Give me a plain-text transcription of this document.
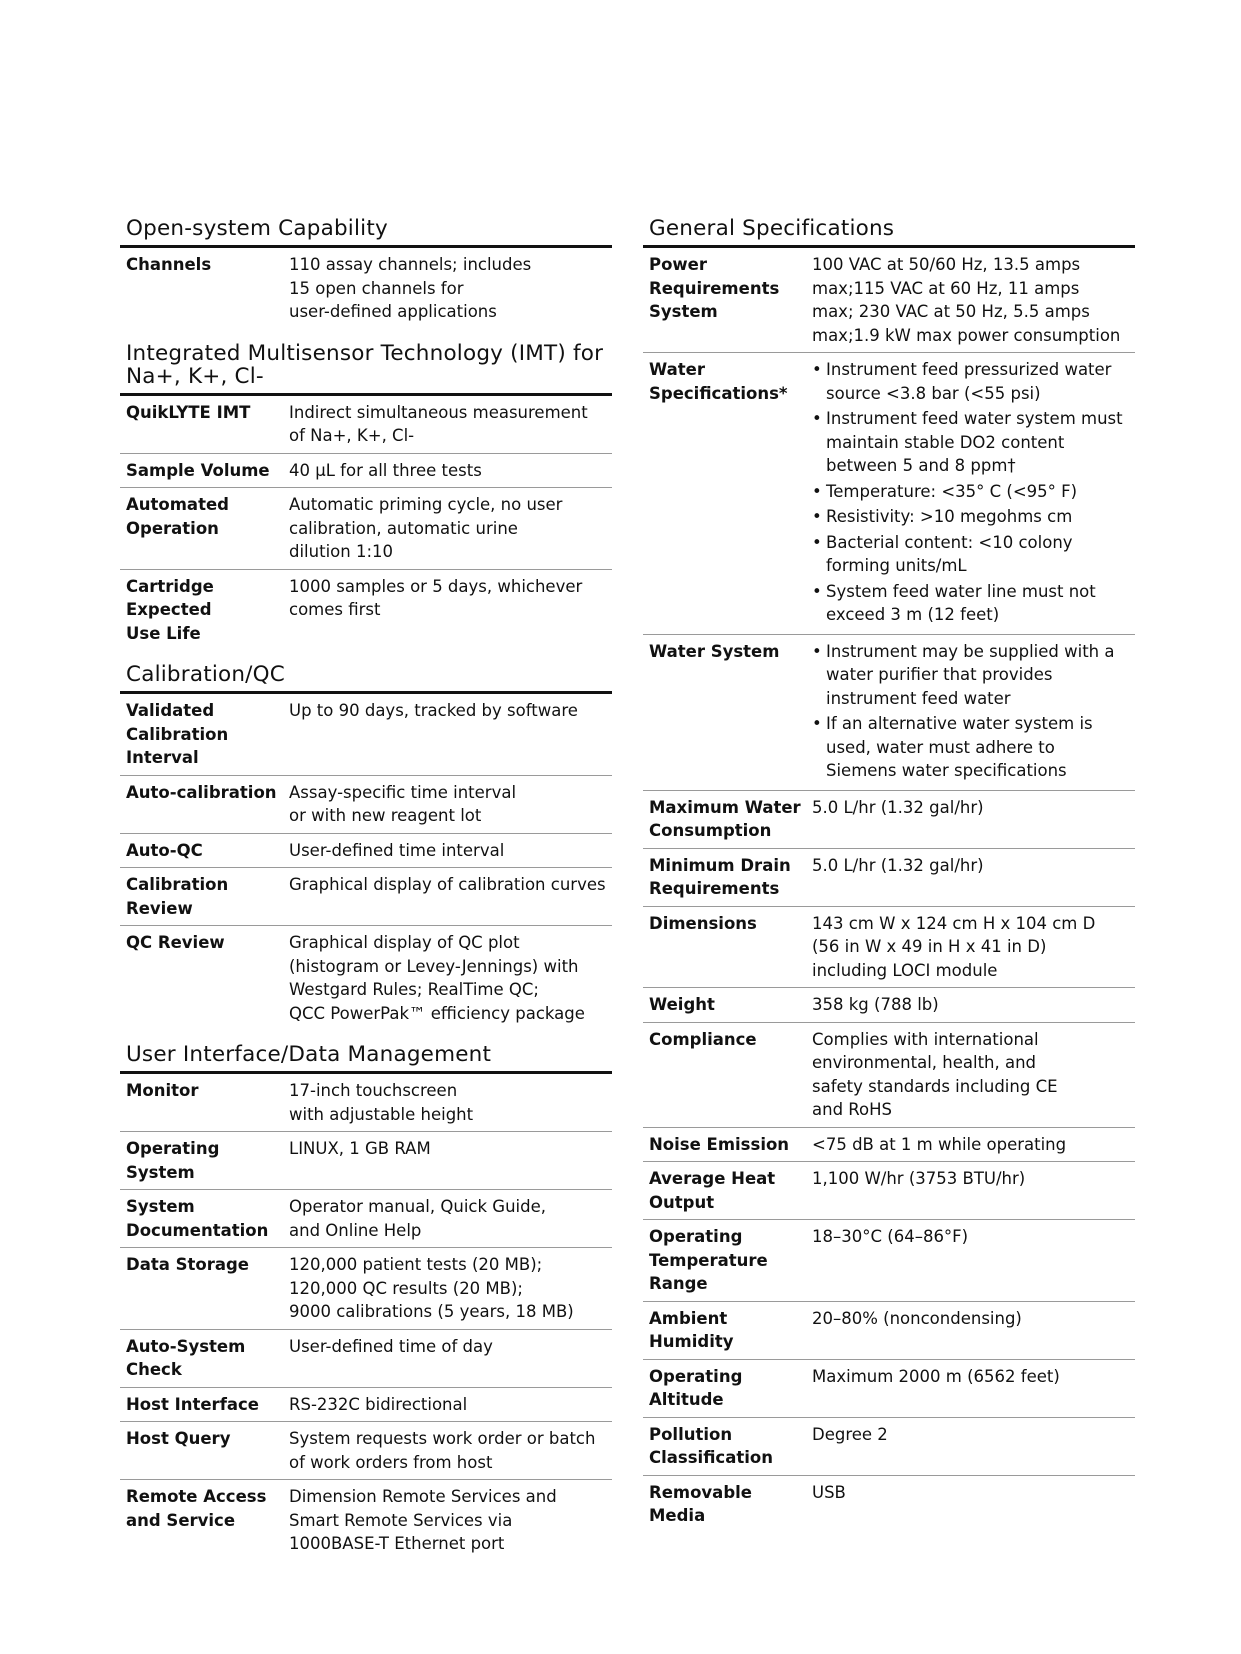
Open-system Capability
Channels	110 assay channels; includes
15 open channels for
user-defined applications
Integrated Multisensor Technology (IMT) for Na+, K+, Cl-
QuikLYTE IMT	Indirect simultaneous measurement
of Na+, K+, Cl-
Sample Volume	40 µL for all three tests
Automated
Operation
Automatic priming cycle, no user
calibration, automatic urine
dilution 1:10
Cartridge
Expected
Use Life
1000 samples or 5 days, whichever
comes first
Calibration/QC
Validated
Calibration
Interval
Up to 90 days, tracked by software
Auto-calibration Assay-specific time interval
or with new reagent lot
Auto-QC	User-defined time interval
Calibration
Review
Graphical display of calibration curves
QC Review	Graphical display of QC plot
(histogram or Levey-Jennings) with
Westgard Rules; RealTime QC;
QCC PowerPak™ efficiency package
User Interface/Data Management
Monitor	17-inch touchscreen
with adjustable height
Operating
System
LINUX, 1 GB RAM
System
Documentation
Operator manual, Quick Guide,
and Online Help
Data Storage	120,000 patient tests (20 MB);
120,000 QC results (20 MB);
9000 calibrations (5 years, 18 MB)
Auto-System
Check
User-defined time of day
Host Interface	RS-232C bidirectional
Host Query	System requests work order or batch
of work orders from host
Remote Access
and Service
Dimension Remote Services and
Smart Remote Services via
1000BASE-T Ethernet port
General Specifications
Power
Requirements
System
100 VAC at 50/60 Hz, 13.5 amps
max;115 VAC at 60 Hz, 11 amps
max; 230 VAC at 50 Hz, 5.5 amps
max;1.9 kW max power consumption
Water
Specifications*
• Instrument feed pressurized water
source <3.8 bar (<55 psi)
• Instrument feed water system must
maintain stable DO2 content
between 5 and 8 ppm†
• Temperature: <35° C (<95° F)
• Resistivity: >10 megohms cm
• Bacterial content: <10 colony
forming units/mL
• System feed water line must not
exceed 3 m (12 feet)
Water System
•	Instrument may be supplied with a
water purifier that provides
instrument feed water
• If an alternative water system is
used, water must adhere to
Siemens water specifications
Maximum Water
Consumption
5.0 L/hr (1.32 gal/hr)
Minimum Drain
Requirements
5.0 L/hr (1.32 gal/hr)
Dimensions	143 cm W x 124 cm H x 104 cm D
(56 in W x 49 in H x 41 in D)
including LOCI module
Weight	358 kg (788 lb)
Compliance	Complies with international
environmental, health, and
safety standards including CE
and RoHS
Noise Emission	<75 dB at 1 m while operating
Average Heat
Output
1,100 W/hr (3753 BTU/hr)
Operating
Temperature
Range
18–30°C (64–86°F)
Ambient
Humidity
20–80% (noncondensing)
Operating
Altitude
Maximum 2000 m (6562 feet)
Pollution
Classification
Degree 2
Removable
Media
USB
